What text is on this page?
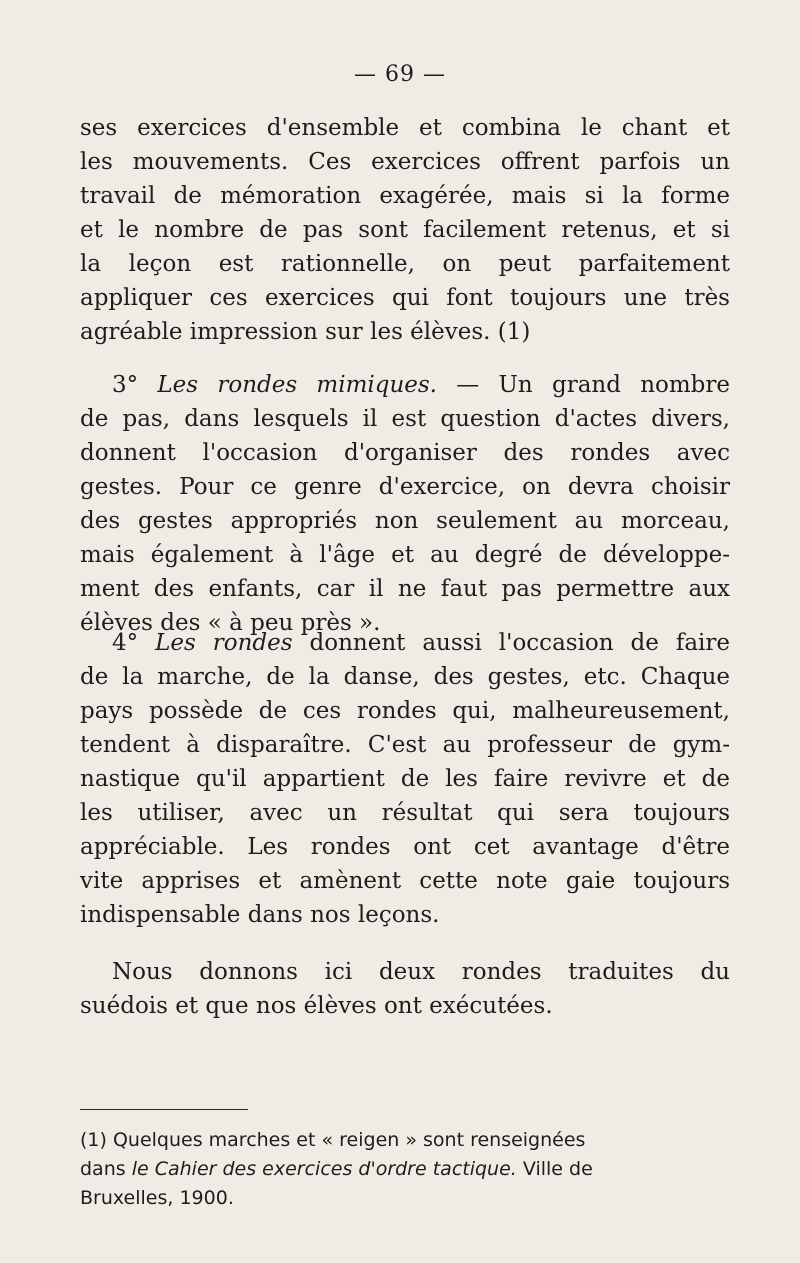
— 69 —
ses exercices d'ensemble et combina le chant et
les mouvements. Ces exercices offrent parfois un
travail de mémoration exagérée, mais si la forme
et le nombre de pas sont facilement retenus, et si
la leçon est rationnelle, on peut parfaitement
appliquer ces exercices qui font toujours une très
agréable impression sur les élèves. (1)
3° Les rondes mimiques. — Un grand nombre
de pas, dans lesquels il est question d'actes divers,
donnent l'occasion d'organiser des rondes avec
gestes. Pour ce genre d'exercice, on devra choisir
des gestes appropriés non seulement au morceau,
mais également à l'âge et au degré de développe-
ment des enfants, car il ne faut pas permettre aux
élèves des « à peu près ».
4° Les rondes donnent aussi l'occasion de faire
de la marche, de la danse, des gestes, etc. Chaque
pays possède de ces rondes qui, malheureusement,
tendent à disparaître. C'est au professeur de gym-
nastique qu'il appartient de les faire revivre et de
les utiliser, avec un résultat qui sera toujours
appréciable. Les rondes ont cet avantage d'être
vite apprises et amènent cette note gaie toujours
indispensable dans nos leçons.
Nous donnons ici deux rondes traduites du
suédois et que nos élèves ont exécutées.
(1) Quelques marches et « reigen » sont renseignées
dans le Cahier des exercices d'ordre tactique. Ville de
Bruxelles, 1900.
